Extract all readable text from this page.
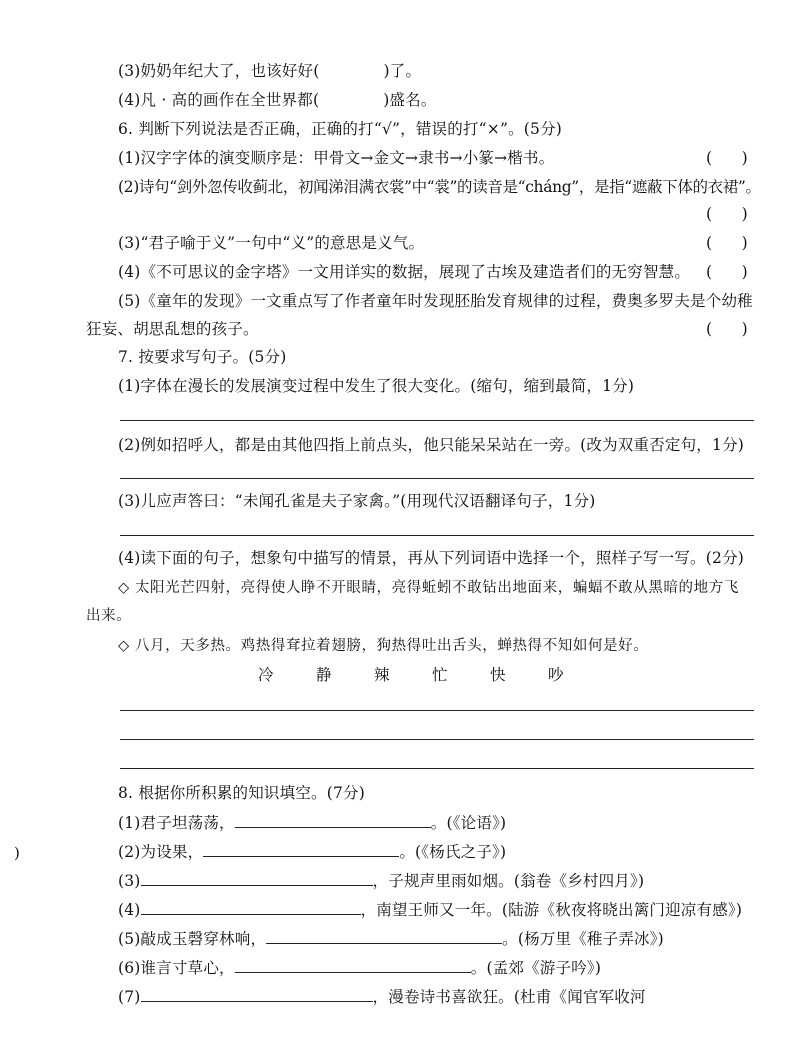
(3)奶奶年纪大了，也该好好(	)了。
(4)凡 · 高的画作在全世界都(	)盛名。
6. 判断下列说法是否正确，正确的打“√”，错误的打“×”。(5分)
(1)汉字字体的演变顺序是：甲骨文→金文→隶书→小篆→楷书。	(      )
(2)诗句“剑外忽传收蓟北，初闻涕泪满衣裳”中“裳”的读音是“cháng”，是指“遮蔽下体的衣裙”。
(      )
(3)“君子喻于义”一句中“义”的意思是义气。	(      )
(4)《不可思议的金字塔》一文用详实的数据，展现了古埃及建造者们的无穷智慧。 (      )
(5)《童年的发现》一文重点写了作者童年时发现胚胎发育规律的过程，费奥多罗夫是个幼稚
狂妄、胡思乱想的孩子。	(      )
7. 按要求写句子。(5分)
(1)字体在漫长的发展演变过程中发生了很大变化。(缩句，缩到最简，1分)
(2)例如招呼人，都是由其他四指上前点头，他只能呆呆站在一旁。(改为双重否定句，1分)
(3)儿应声答曰：“未闻孔雀是夫子家禽。”(用现代汉语翻译句子，1分)
(4)读下面的句子，想象句中描写的情景，再从下列词语中选择一个，照样子写一写。(2分)
◇ 太阳光芒四射，亮得使人睁不开眼睛，亮得蚯蚓不敢钻出地面来，蝙蝠不敢从黑暗的地方飞
出来。
◇ 八月，天多热。鸡热得耷拉着翅膀，狗热得吐出舌头，蝉热得不知如何是好。
冷	静	辣	忙	快	吵
8. 根据你所积累的知识填空。(7分)
(1)君子坦荡荡，	。(《论语》)
(2)为设果，	。(《杨氏之子》)
(3)	，子规声里雨如烟。(翁卷《乡村四月》)
(4)	，南望王师又一年。(陆游《秋夜将晓出篱门迎凉有感》)
(5)敲成玉磬穿林响，	。(杨万里《稚子弄冰》)
(6)谁言寸草心，	。(孟郊《游子吟》)
(7)	，漫卷诗书喜欲狂。(杜甫《闻官军收河
)
